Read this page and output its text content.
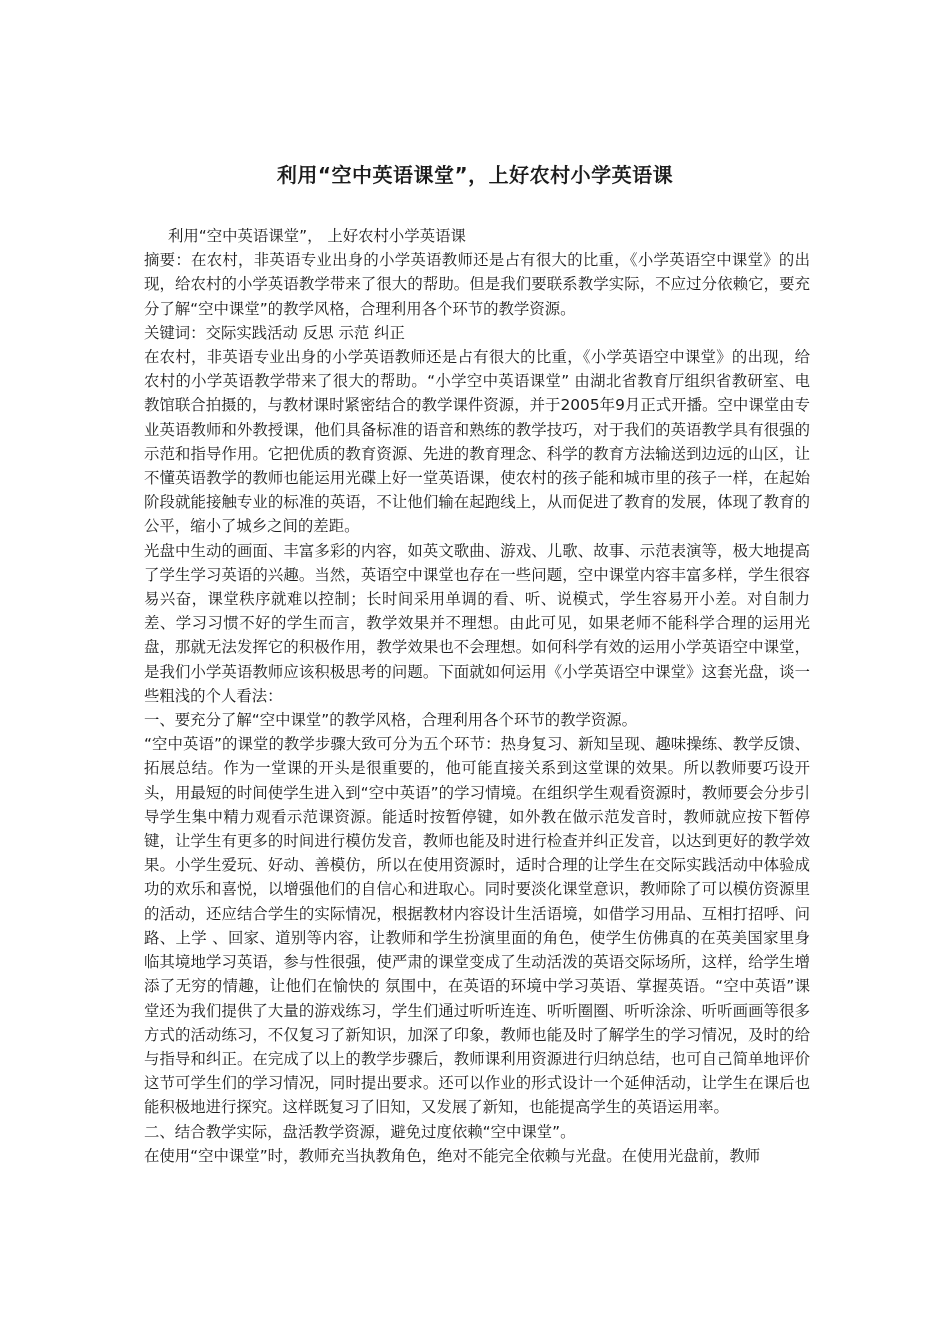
利用“空中英语课堂”，上好农村小学英语课

利用“空中英语课堂”， 上好农村小学英语课

摘要：在农村，非英语专业出身的小学英语教师还是占有很大的比重，《小学英语空中课堂》的出现，给农村的小学英语教学带来了很大的帮助。但是我们要联系教学实际，不应过分依赖它，要充分了解“空中课堂”的教学风格，合理利用各个环节的教学资源。

关键词：交际实践活动 反思 示范 纠正

在农村，非英语专业出身的小学英语教师还是占有很大的比重，《小学英语空中课堂》的出现，给农村的小学英语教学带来了很大的帮助。“小学空中英语课堂” 由湖北省教育厅组织省教研室、电教馆联合拍摄的，与教材课时紧密结合的教学课件资源，并于2005年9月正式开播。空中课堂由专业英语教师和外教授课，他们具备标准的语音和熟练的教学技巧，对于我们的英语教学具有很强的示范和指导作用。它把优质的教育资源、先进的教育理念、科学的教育方法输送到边远的山区，让不懂英语教学的教师也能运用光碟上好一堂英语课，使农村的孩子能和城市里的孩子一样，在起始阶段就能接触专业的标准的英语，不让他们输在起跑线上，从而促进了教育的发展，体现了教育的公平，缩小了城乡之间的差距。

光盘中生动的画面、丰富多彩的内容，如英文歌曲、游戏、儿歌、故事、示范表演等，极大地提高了学生学习英语的兴趣。当然，英语空中课堂也存在一些问题，空中课堂内容丰富多样，学生很容易兴奋，课堂秩序就难以控制；长时间采用单调的看、听、说模式，学生容易开小差。对自制力差、学习习惯不好的学生而言，教学效果并不理想。由此可见，如果老师不能科学合理的运用光盘，那就无法发挥它的积极作用，教学效果也不会理想。如何科学有效的运用小学英语空中课堂，是我们小学英语教师应该积极思考的问题。下面就如何运用《小学英语空中课堂》这套光盘，谈一些粗浅的个人看法：

一、要充分了解“空中课堂”的教学风格，合理利用各个环节的教学资源。

“空中英语”的课堂的教学步骤大致可分为五个环节：热身复习、新知呈现、趣味操练、教学反馈、拓展总结。作为一堂课的开头是很重要的，他可能直接关系到这堂课的效果。所以教师要巧设开头，用最短的时间使学生进入到“空中英语”的学习情境。在组织学生观看资源时，教师要会分步引导学生集中精力观看示范课资源。能适时按暂停键，如外教在做示范发音时，教师就应按下暂停键，让学生有更多的时间进行模仿发音，教师也能及时进行检查并纠正发音，以达到更好的教学效果。小学生爱玩、好动、善模仿，所以在使用资源时，适时合理的让学生在交际实践活动中体验成功的欢乐和喜悦，以增强他们的自信心和进取心。同时要淡化课堂意识，教师除了可以模仿资源里的活动，还应结合学生的实际情况，根据教材内容设计生活语境，如借学习用品、互相打招呼、问路、上学 、回家、道别等内容，让教师和学生扮演里面的角色，使学生仿佛真的在英美国家里身临其境地学习英语，参与性很强，使严肃的课堂变成了生动活泼的英语交际场所，这样，给学生增添了无穷的情趣，让他们在愉快的 氛围中，在英语的环境中学习英语、掌握英语。“空中英语”课堂还为我们提供了大量的游戏练习，学生们通过听听连连、听听圈圈、听听涂涂、听听画画等很多方式的活动练习，不仅复习了新知识，加深了印象，教师也能及时了解学生的学习情况，及时的给与指导和纠正。在完成了以上的教学步骤后，教师课利用资源进行归纳总结，也可自己简单地评价这节可学生们的学习情况，同时提出要求。还可以作业的形式设计一个延伸活动，让学生在课后也能积极地进行探究。这样既复习了旧知，又发展了新知，也能提高学生的英语运用率。

二、结合教学实际，盘活教学资源，避免过度依赖“空中课堂”。

在使用“空中课堂”时，教师充当执教角色，绝对不能完全依赖与光盘。在使用光盘前，教师
